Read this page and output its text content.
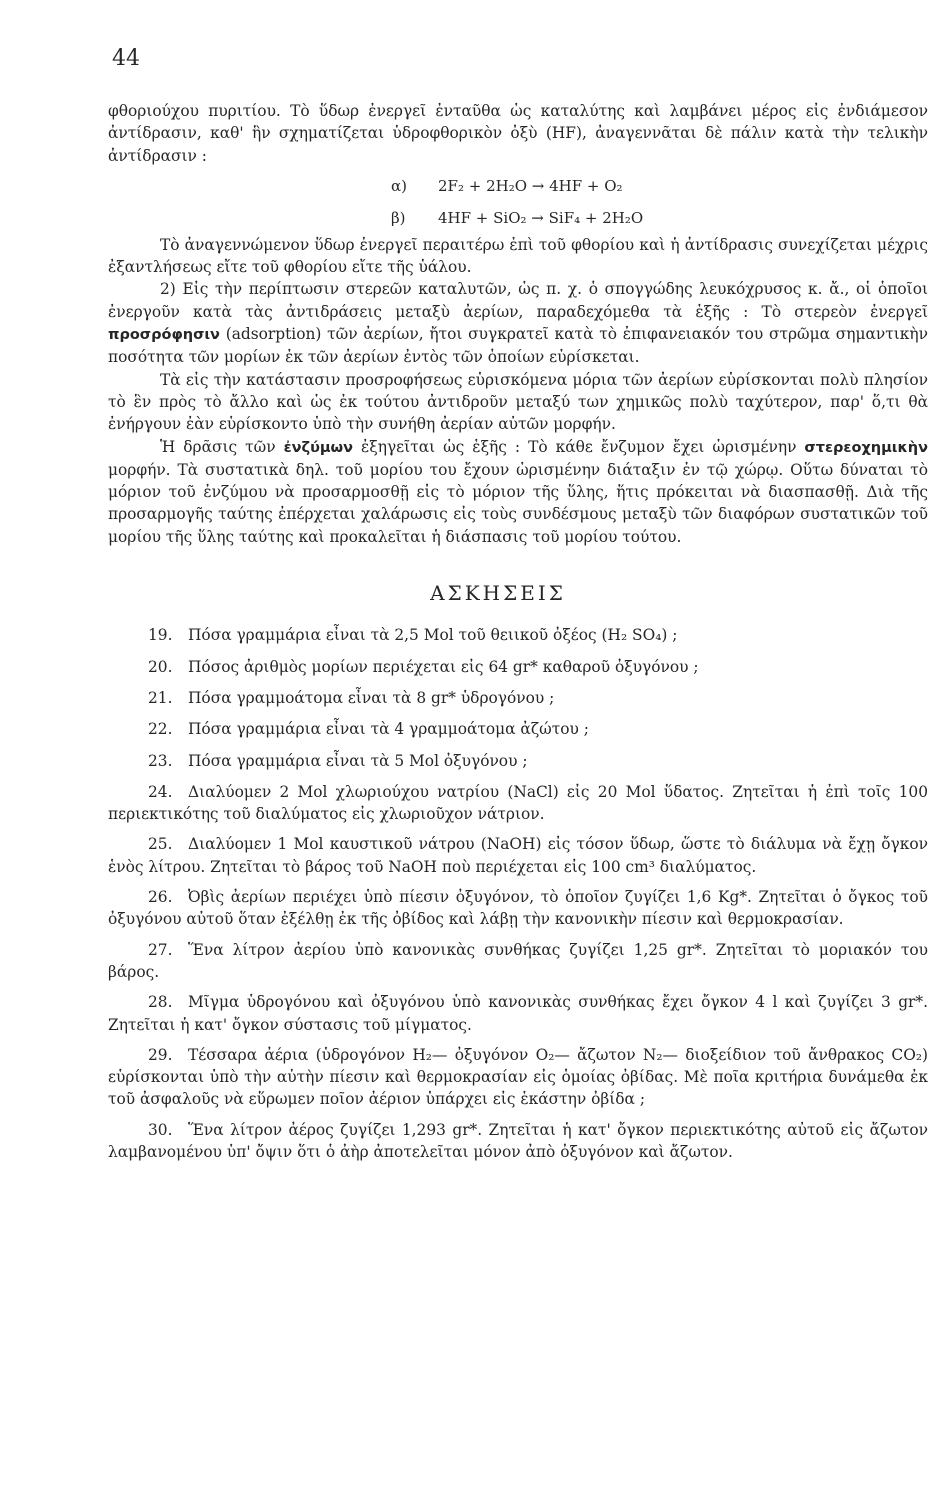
44

φθοριούχου πυριτίου. Τὸ ὕδωρ ἐνεργεῖ ἐνταῦθα ὡς καταλύτης καὶ λαμβάνει μέρος εἰς ἐνδιάμεσον ἀντίδρασιν, καθ' ἣν σχηματίζεται ὑδροφθορικὸν ὀξὺ (HF), ἀναγεννᾶται δὲ πάλιν κατὰ τὴν τελικὴν ἀντίδρασιν :

α)	2F₂ + 2H₂O → 4HF + O₂
β)	4HF + SiO₂ → SiF₄ + 2H₂O

Τὸ ἀναγεννώμενον ὕδωρ ἐνεργεῖ περαιτέρω ἐπὶ τοῦ φθορίου καὶ ἡ ἀντίδρασις συνεχίζεται μέχρις ἐξαντλήσεως εἴτε τοῦ φθορίου εἴτε τῆς ὑάλου.

2) Εἰς τὴν περίπτωσιν στερεῶν καταλυτῶν, ὡς π. χ. ὁ σπογγώδης λευκόχρυσος κ. ἄ., οἱ ὁποῖοι ἐνεργοῦν κατὰ τὰς ἀντιδράσεις μεταξὺ ἀερίων, παραδεχόμεθα τὰ ἑξῆς : Τὸ στερεὸν ἐνεργεῖ προσρόφησιν (adsorption) τῶν ἀερίων, ἤτοι συγκρατεῖ κατὰ τὸ ἐπιφανειακόν του στρῶμα σημαντικὴν ποσότητα τῶν μορίων ἐκ τῶν ἀερίων ἐντὸς τῶν ὁποίων εὑρίσκεται.

Τὰ εἰς τὴν κατάστασιν προσροφήσεως εὑρισκόμενα μόρια τῶν ἀερίων εὑρίσκονται πολὺ πλησίον τὸ ἓν πρὸς τὸ ἄλλο καὶ ὡς ἐκ τούτου ἀντιδροῦν μεταξύ των χημικῶς πολὺ ταχύτερον, παρ' ὅ,τι θὰ ἐνήργουν ἐὰν εὑρίσκοντο ὑπὸ τὴν συνήθη ἀερίαν αὐτῶν μορφήν.

Ἡ δρᾶσις τῶν ἐνζύμων ἐξηγεῖται ὡς ἑξῆς : Τὸ κάθε ἔνζυμον ἔχει ὡρισμένην στερεοχημικὴν μορφήν. Τὰ συστατικὰ δηλ. τοῦ μορίου του ἔχουν ὡρισμένην διάταξιν ἐν τῷ χώρῳ. Οὕτω δύναται τὸ μόριον τοῦ ἐνζύμου νὰ προσαρμοσθῇ εἰς τὸ μόριον τῆς ὕλης, ἥτις πρόκειται νὰ διασπασθῇ. Διὰ τῆς προσαρμογῆς ταύτης ἐπέρχεται χαλάρωσις εἰς τοὺς συνδέσμους μεταξὺ τῶν διαφόρων συστατικῶν τοῦ μορίου τῆς ὕλης ταύτης καὶ προκαλεῖται ἡ διάσπασις τοῦ μορίου τούτου.

ΑΣΚΗΣΕΙΣ

19. Πόσα γραμμάρια εἶναι τὰ 2,5 Mol τοῦ θειικοῦ ὀξέος (H₂ SO₄) ;

20. Πόσος ἀριθμὸς μορίων περιέχεται εἰς 64 gr* καθαροῦ ὀξυγόνου ;

21. Πόσα γραμμοάτομα εἶναι τὰ 8 gr* ὑδρογόνου ;

22. Πόσα γραμμάρια εἶναι τὰ 4 γραμμοάτομα ἀζώτου ;

23. Πόσα γραμμάρια εἶναι τὰ 5 Mol ὀξυγόνου ;

24. Διαλύομεν 2 Mol χλωριούχου νατρίου (NaCl) εἰς 20 Mol ὕδατος. Ζητεῖται ἡ ἐπὶ τοῖς 100 περιεκτικότης τοῦ διαλύματος εἰς χλωριοῦχον νάτριον.

25. Διαλύομεν 1 Mol καυστικοῦ νάτρου (NaOH) εἰς τόσον ὕδωρ, ὥστε τὸ διάλυμα νὰ ἔχῃ ὄγκον ἑνὸς λίτρου. Ζητεῖται τὸ βάρος τοῦ NaOH ποὺ περιέχεται εἰς 100 cm³ διαλύματος.

26. Ὀβὶς ἀερίων περιέχει ὑπὸ πίεσιν ὀξυγόνον, τὸ ὁποῖον ζυγίζει 1,6 Kg*. Ζητεῖται ὁ ὄγκος τοῦ ὀξυγόνου αὐτοῦ ὅταν ἐξέλθῃ ἐκ τῆς ὀβίδος καὶ λάβῃ τὴν κανονικὴν πίεσιν καὶ θερμοκρασίαν.

27. Ἕνα λίτρον ἀερίου ὑπὸ κανονικὰς συνθήκας ζυγίζει 1,25 gr*. Ζητεῖται τὸ μοριακόν του βάρος.

28. Μῖγμα ὑδρογόνου καὶ ὀξυγόνου ὑπὸ κανονικὰς συνθήκας ἔχει ὄγκον 4 l καὶ ζυγίζει 3 gr*. Ζητεῖται ἡ κατ' ὄγκον σύστασις τοῦ μίγματος.

29. Τέσσαρα ἀέρια (ὑδρογόνον H₂— ὀξυγόνον O₂— ἄζωτον N₂— διοξείδιον τοῦ ἄνθρακος CO₂) εὑρίσκονται ὑπὸ τὴν αὐτὴν πίεσιν καὶ θερμοκρασίαν εἰς ὁμοίας ὀβίδας. Μὲ ποῖα κριτήρια δυνάμεθα ἐκ τοῦ ἀσφαλοῦς νὰ εὕρωμεν ποῖον ἀέριον ὑπάρχει εἰς ἑκάστην ὀβίδα ;

30. Ἕνα λίτρον ἀέρος ζυγίζει 1,293 gr*. Ζητεῖται ἡ κατ' ὄγκον περιεκτικότης αὐτοῦ εἰς ἄζωτον λαμβανομένου ὑπ' ὄψιν ὅτι ὁ ἀὴρ ἀποτελεῖται μόνον ἀπὸ ὀξυγόνον καὶ ἄζωτον.
